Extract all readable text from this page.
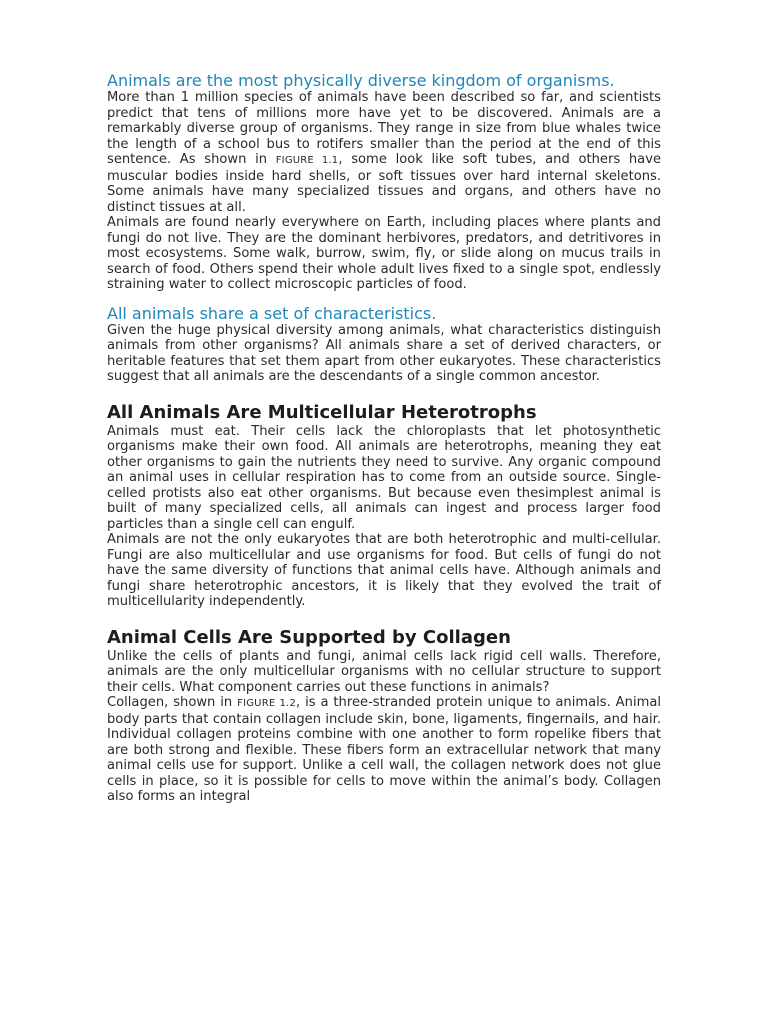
Animals are the most physically diverse kingdom of organisms.

More than 1 million species of animals have been described so far, and scientists predict that tens of millions more have yet to be discovered. Animals are a remarkably diverse group of organisms. They range in size from blue whales twice the length of a school bus to rotifers smaller than the period at the end of this sentence. As shown in FIGURE 1.1, some look like soft tubes, and others have muscular bodies inside hard shells, or soft tissues over hard internal skeletons. Some animals have many specialized tissues and organs, and others have no distinct tissues at all.

Animals are found nearly everywhere on Earth, including places where plants and fungi do not live. They are the dominant herbivores, predators, and detritivores in most ecosystems. Some walk, burrow, swim, fly, or slide along on mucus trails in search of food. Others spend their whole adult lives fixed to a single spot, endlessly straining water to collect microscopic particles of food.

All animals share a set of characteristics.

Given the huge physical diversity among animals, what characteristics distinguish animals from other organisms? All animals share a set of derived characters, or heritable features that set them apart from other eukaryotes. These characteristics suggest that all animals are the descendants of a single common ancestor.

All Animals Are Multicellular Heterotrophs

Animals must eat. Their cells lack the chloroplasts that let photosynthetic organisms make their own food. All animals are heterotrophs, meaning they eat other organisms to gain the nutrients they need to survive. Any organic compound an animal uses in cellular respiration has to come from an outside source. Single-celled protists also eat other organisms. But because even thesimplest animal is built of many specialized cells, all animals can ingest and process larger food particles than a single cell can engulf.

Animals are not the only eukaryotes that are both heterotrophic and multi-cellular. Fungi are also multicellular and use organisms for food. But cells of fungi do not have the same diversity of functions that animal cells have. Although animals and fungi share heterotrophic ancestors, it is likely that they evolved the trait of multicellularity independently.

Animal Cells Are Supported by Collagen

Unlike the cells of plants and fungi, animal cells lack rigid cell walls. Therefore, animals are the only multicellular organisms with no cellular structure to support their cells. What component carries out these functions in animals?

Collagen, shown in FIGURE 1.2, is a three-stranded protein unique to animals. Animal body parts that contain collagen include skin, bone, ligaments, fingernails, and hair. Individual collagen proteins combine with one another to form ropelike fibers that are both strong and flexible. These fibers form an extracellular network that many animal cells use for support. Unlike a cell wall, the collagen network does not glue cells in place, so it is possible for cells to move within the animal’s body. Collagen also forms an integral
